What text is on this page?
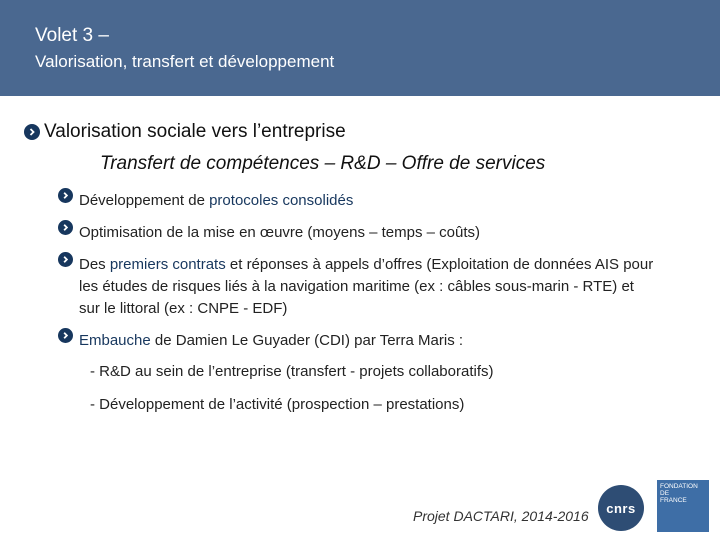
Volet 3 –
Valorisation, transfert et développement
Valorisation sociale vers l’entreprise
Transfert de compétences – R&D – Offre de services
Développement de protocoles consolidés
Optimisation de la mise en œuvre (moyens – temps – coûts)
Des premiers contrats et réponses à appels d’offres (Exploitation de données AIS pour les études de risques liés à la navigation maritime (ex : câbles sous-marin - RTE) et sur le littoral (ex : CNPE - EDF)
Embauche de Damien Le Guyader (CDI) par Terra Maris :
- R&D au sein de l’entreprise (transfert - projets collaboratifs)
- Développement de l’activité (prospection – prestations)
Projet DACTARI, 2014-2016 cnrs
FONDATION
DE
FRANCE
